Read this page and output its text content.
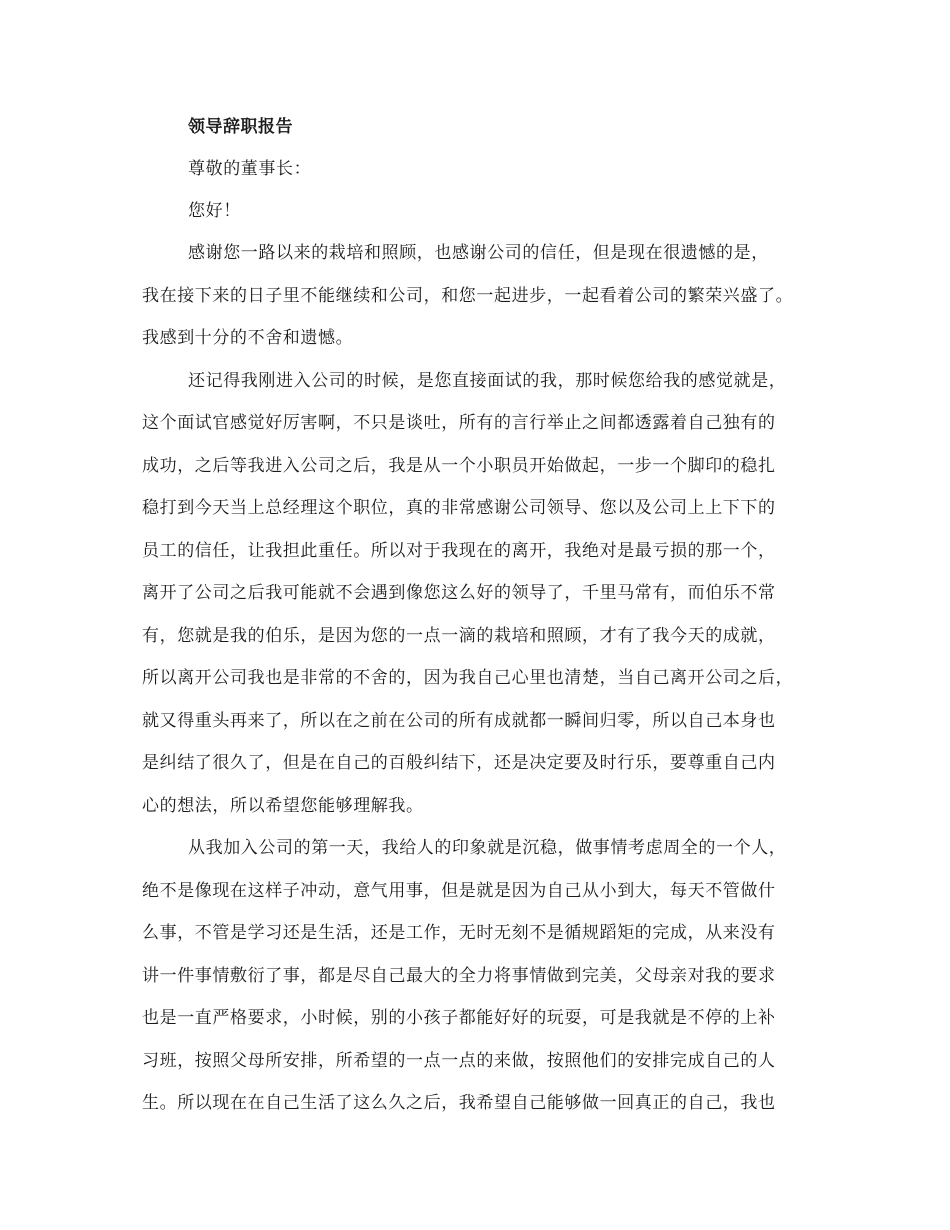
领导辞职报告
尊敬的董事长：
您好！
感谢您一路以来的栽培和照顾，也感谢公司的信任，但是现在很遗憾的是，
我在接下来的日子里不能继续和公司，和您一起进步，一起看着公司的繁荣兴盛了。
我感到十分的不舍和遗憾。
还记得我刚进入公司的时候，是您直接面试的我，那时候您给我的感觉就是，
这个面试官感觉好厉害啊，不只是谈吐，所有的言行举止之间都透露着自己独有的
成功，之后等我进入公司之后，我是从一个小职员开始做起，一步一个脚印的稳扎
稳打到今天当上总经理这个职位，真的非常感谢公司领导、您以及公司上上下下的
员工的信任，让我担此重任。所以对于我现在的离开，我绝对是最亏损的那一个，
离开了公司之后我可能就不会遇到像您这么好的领导了，千里马常有，而伯乐不常
有，您就是我的伯乐，是因为您的一点一滴的栽培和照顾，才有了我今天的成就，
所以离开公司我也是非常的不舍的，因为我自己心里也清楚，当自己离开公司之后，
就又得重头再来了，所以在之前在公司的所有成就都一瞬间归零，所以自己本身也
是纠结了很久了，但是在自己的百般纠结下，还是决定要及时行乐，要尊重自己内
心的想法，所以希望您能够理解我。
从我加入公司的第一天，我给人的印象就是沉稳，做事情考虑周全的一个人，
绝不是像现在这样子冲动，意气用事，但是就是因为自己从小到大，每天不管做什
么事，不管是学习还是生活，还是工作，无时无刻不是循规蹈矩的完成，从来没有
讲一件事情敷衍了事，都是尽自己最大的全力将事情做到完美，父母亲对我的要求
也是一直严格要求，小时候，别的小孩子都能好好的玩耍，可是我就是不停的上补
习班，按照父母所安排，所希望的一点一点的来做，按照他们的安排完成自己的人
生。所以现在在自己生活了这么久之后，我希望自己能够做一回真正的自己，我也
